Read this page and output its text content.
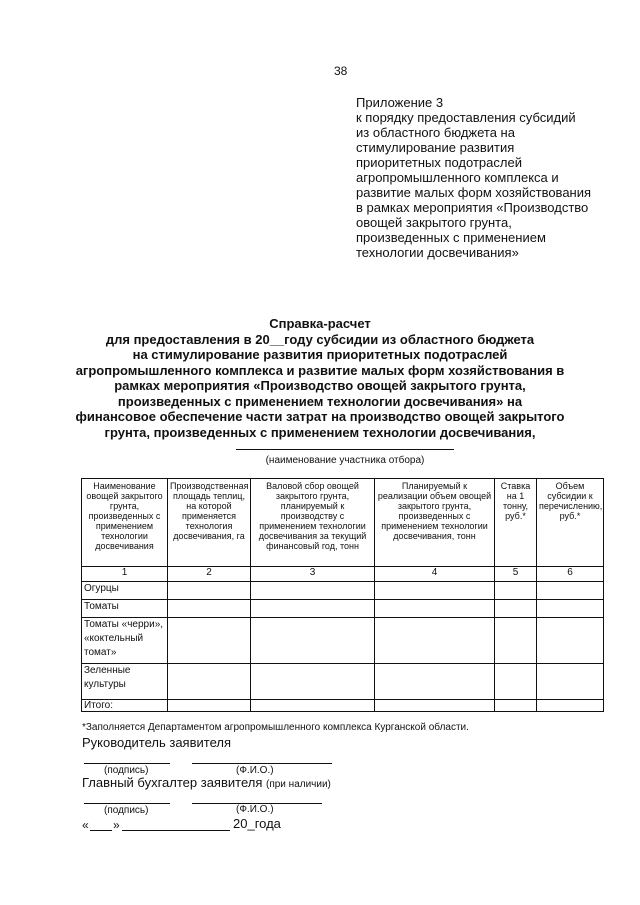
38
Приложение 3
к порядку предоставления субсидий
из областного бюджета на
стимулирование развития
приоритетных подотраслей
агропромышленного комплекса и
развитие малых форм хозяйствования
в рамках мероприятия «Производство
овощей закрытого грунта,
произведенных с применением
технологии досвечивания»
Справка-расчет
для предоставления в 20__году субсидии из областного бюджета
на стимулирование развития приоритетных подотраслей
агропромышленного комплекса и развитие малых форм хозяйствования в
рамках мероприятия «Производство овощей закрытого грунта,
произведенных с применением технологии досвечивания» на
финансовое обеспечение части затрат на производство овощей закрытого
грунта, произведенных с применением технологии досвечивания,
(наименование участника отбора)
Наименование овощей закрытого грунта, произведенных с применением технологии досвечивания	Производственная площадь теплиц, на которой применяется технология досвечивания, га	Валовой сбор овощей закрытого грунта, планируемый к производству с применением технологии досвечивания за текущий финансовый год, тонн	Планируемый к реализации объем овощей закрытого грунта, произведенных с применением технологии досвечивания, тонн	Ставка на 1 тонну, руб.*	Объем субсидии к перечислению, руб.*
1	2	3	4	5	6
Огурцы					
Томаты					
Томаты «черри», «коктельный томат»					
Зеленные культуры					
Итого:					
*Заполняется Департаментом агропромышленного комплекса Курганской области.
Руководитель заявителя
(подпись)	(Ф.И.О.)
Главный бухгалтер заявителя (при наличии)
(подпись)	(Ф.И.О.)
« »	20_года
